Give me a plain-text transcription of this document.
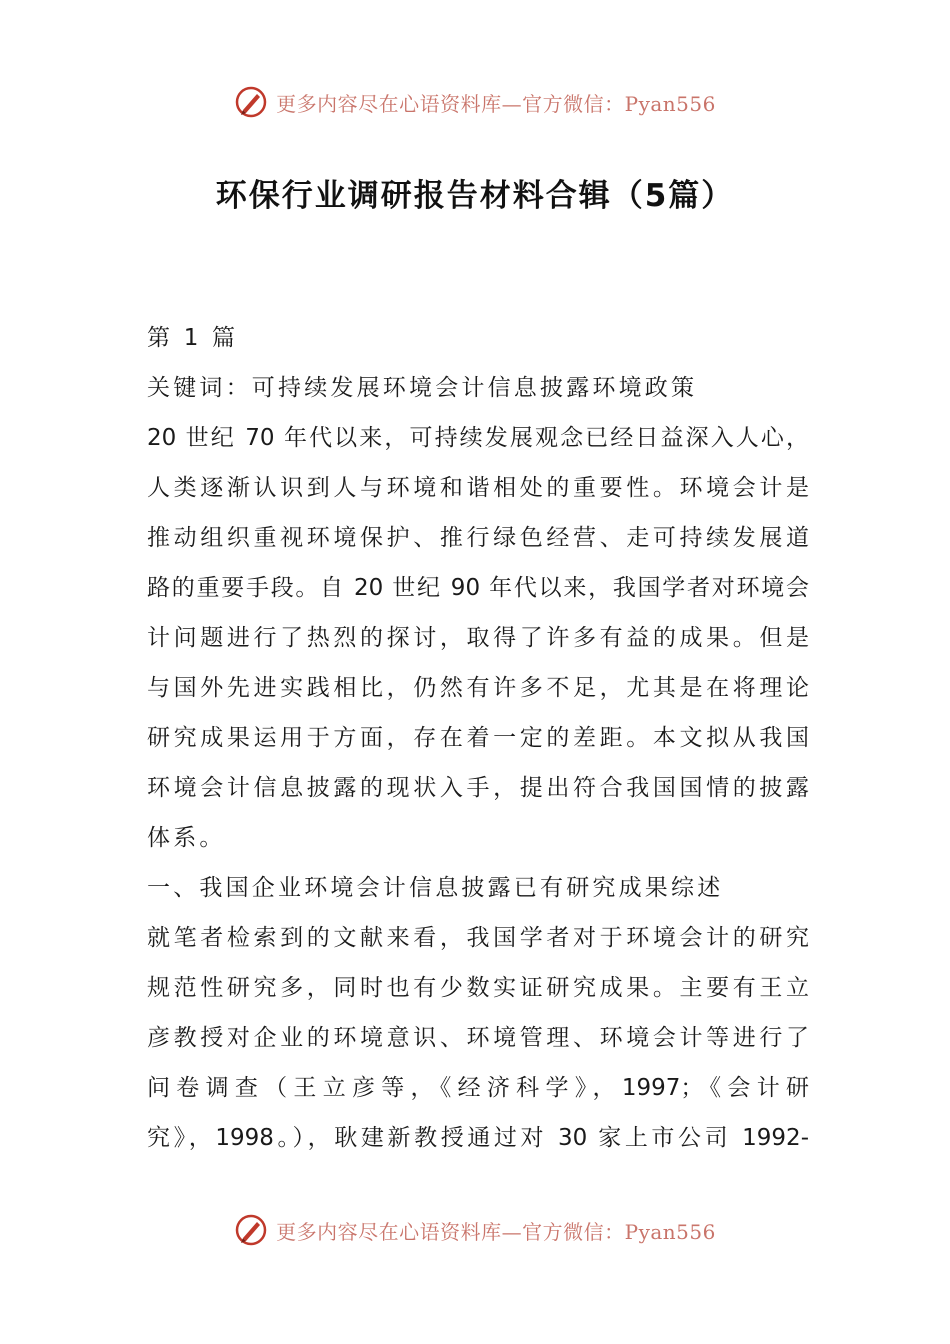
更多内容尽在心语资料库—官方微信：Pyan556
环保行业调研报告材料合辑（5篇）
第 1 篇
关键词：可持续发展环境会计信息披露环境政策
20 世纪 70 年代以来，可持续发展观念已经日益深入人心，
人类逐渐认识到人与环境和谐相处的重要性。环境会计是
推动组织重视环境保护、推行绿色经营、走可持续发展道
路的重要手段。自 20 世纪 90 年代以来，我国学者对环境会
计问题进行了热烈的探讨，取得了许多有益的成果。但是
与国外先进实践相比，仍然有许多不足，尤其是在将理论
研究成果运用于方面，存在着一定的差距。本文拟从我国
环境会计信息披露的现状入手，提出符合我国国情的披露
体系。
一、我国企业环境会计信息披露已有研究成果综述
就笔者检索到的文献来看，我国学者对于环境会计的研究
规范性研究多，同时也有少数实证研究成果。主要有王立
彦教授对企业的环境意识、环境管理、环境会计等进行了
问卷调查（王立彦等，《经济科学》，1997；《会计研
究》，1998。），耿建新教授通过对 30 家上市公司 1992-
更多内容尽在心语资料库—官方微信：Pyan556
